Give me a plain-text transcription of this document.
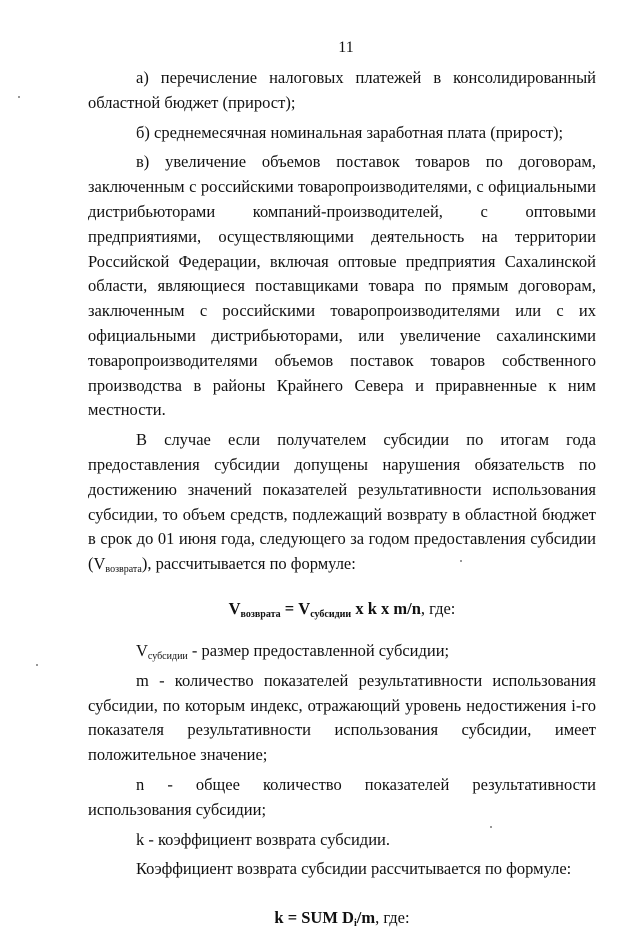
11

а) перечисление налоговых платежей в консолидированный областной бюджет (прирост);

б) среднемесячная номинальная заработная плата (прирост);

в) увеличение объемов поставок товаров по договорам, заключенным с российскими товаропроизводителями, с официальными дистрибьюторами компаний-производителей, с оптовыми предприятиями, осуществляющими деятельность на территории Российской Федерации, включая оптовые предприятия Сахалинской области, являющиеся поставщиками товара по прямым договорам, заключенным с российскими товаропроизводителями или с их официальными дистрибьюторами, или увеличение сахалинскими товаропроизводителями объемов поставок товаров собственного производства в районы Крайнего Севера и приравненные к ним местности.

В случае если получателем субсидии по итогам года предоставления субсидии допущены нарушения обязательств по достижению значений показателей результативности использования субсидии, то объем средств, подлежащий возврату в областной бюджет в срок до 01 июня года, следующего за годом предоставления субсидии $(V_{возврата})$, рассчитывается по формуле:

$V_{возврата} = V_{субсидии}$ x k x m/n, где:

$V_{субсидии}$ - размер предоставленной субсидии;

m - количество показателей результативности использования субсидии, по которым индекс, отражающий уровень недостижения i-го показателя результативности использования субсидии, имеет положительное значение;

n - общее количество показателей результативности использования субсидии;

k - коэффициент возврата субсидии.

Коэффициент возврата субсидии рассчитывается по формуле:

k = SUM $D_i/m$, где:
